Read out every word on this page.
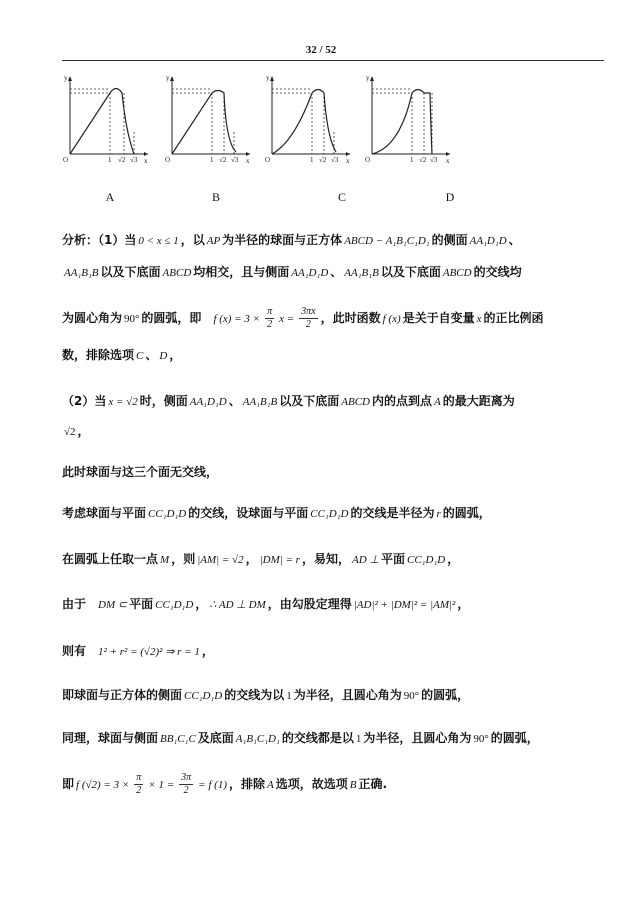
32 / 52
y
x
O	1 √2 √3
y
x
O	1 √2 √3
y
x
O	1 √2 √3
y
x
O	1 √2 √3
A	B	C	D
分析：（1）当 0 < x ≤ 1 ，以 AP 为半径的球面与正方体 ABCD − A₁B₁C₁D₁ 的侧面 AA₁D₁D 、
AA₁B₁B 以及下底面 ABCD 均相交，且与侧面 AA₁D₁D 、 AA₁B₁B 以及下底面 ABCD 的交线均
为圆心角为 90° 的圆弧，即 f $(x) = 3 \times \frac{\pi}{2}$ $x = \frac{3\pi x}{2}$ ，此时函数 f (x) 是关于自变量 x 的正比例函
数，排除选项 C 、 D ，
（2）当 x = √2 时，侧面 AA₁D₁D 、 AA₁B₁B 以及下底面 ABCD 内的点到点 A 的最大距离为
√2 ，
此时球面与这三个面无交线，
考虑球面与平面 CC₁D₁D 的交线，设球面与平面 CC₁D₁D 的交线是半径为 r 的圆弧，
在圆弧上任取一点 M ，则 |AM| = √2 ， |DM| = r ，易知， AD ⊥ 平面 CC₁D₁D ，
由于 DM ⊂ 平面 CC₁D₁D ， ∴ AD ⊥ DM ，由勾股定理得 |AD|² + |DM|² = |AM|² ，
则有 1² + r² = (√2)² ⇒ r = 1 ，
即球面与正方体的侧面 CC₁D₁D 的交线为以 1 为半径，且圆心角为 90° 的圆弧，
同理，球面与侧面 BB₁C₁C 及底面 A₁B₁C₁D₁ 的交线都是以 1 为半径，且圆心角为 90° 的圆弧，
即 f $(√2) = 3 \times \frac{\pi}{2} \times 1 = \frac{3\pi}{2} = f$ (1) ，排除 A 选项，故选项 B 正确.
